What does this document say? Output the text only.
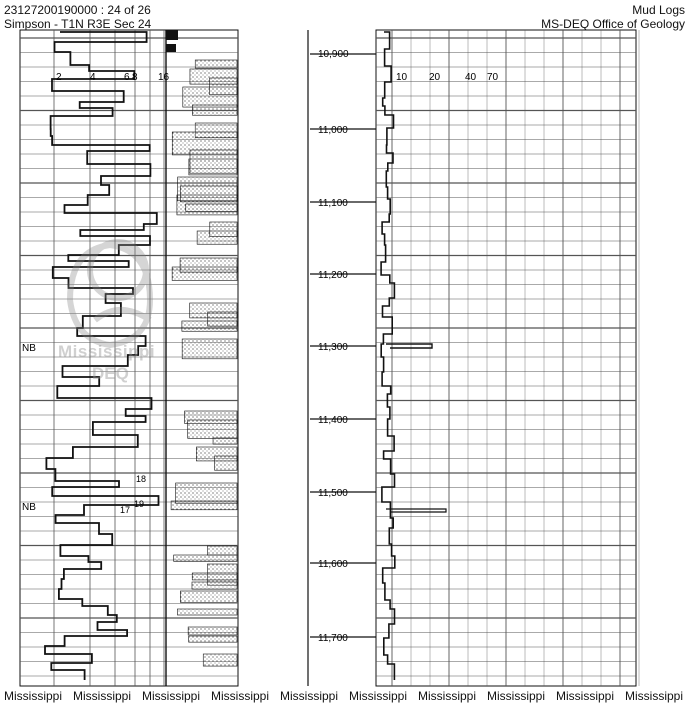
23127200190000 : 24 of 26
Simpson - T1N R3E Sec 24
Mud Logs
MS-DEQ Office of Geology
2	4	6 8 16
NB
NB
18
17
19
10 20 40 70
10,900
11,000
11,100
11,200
11,300
11,400
11,500
11,600
11,700
Mississippi
DEQ
Mississippi Mississippi Mississippi Mississippi Mississippi Mississippi Mississippi Mississippi Mississippi Mississippi
